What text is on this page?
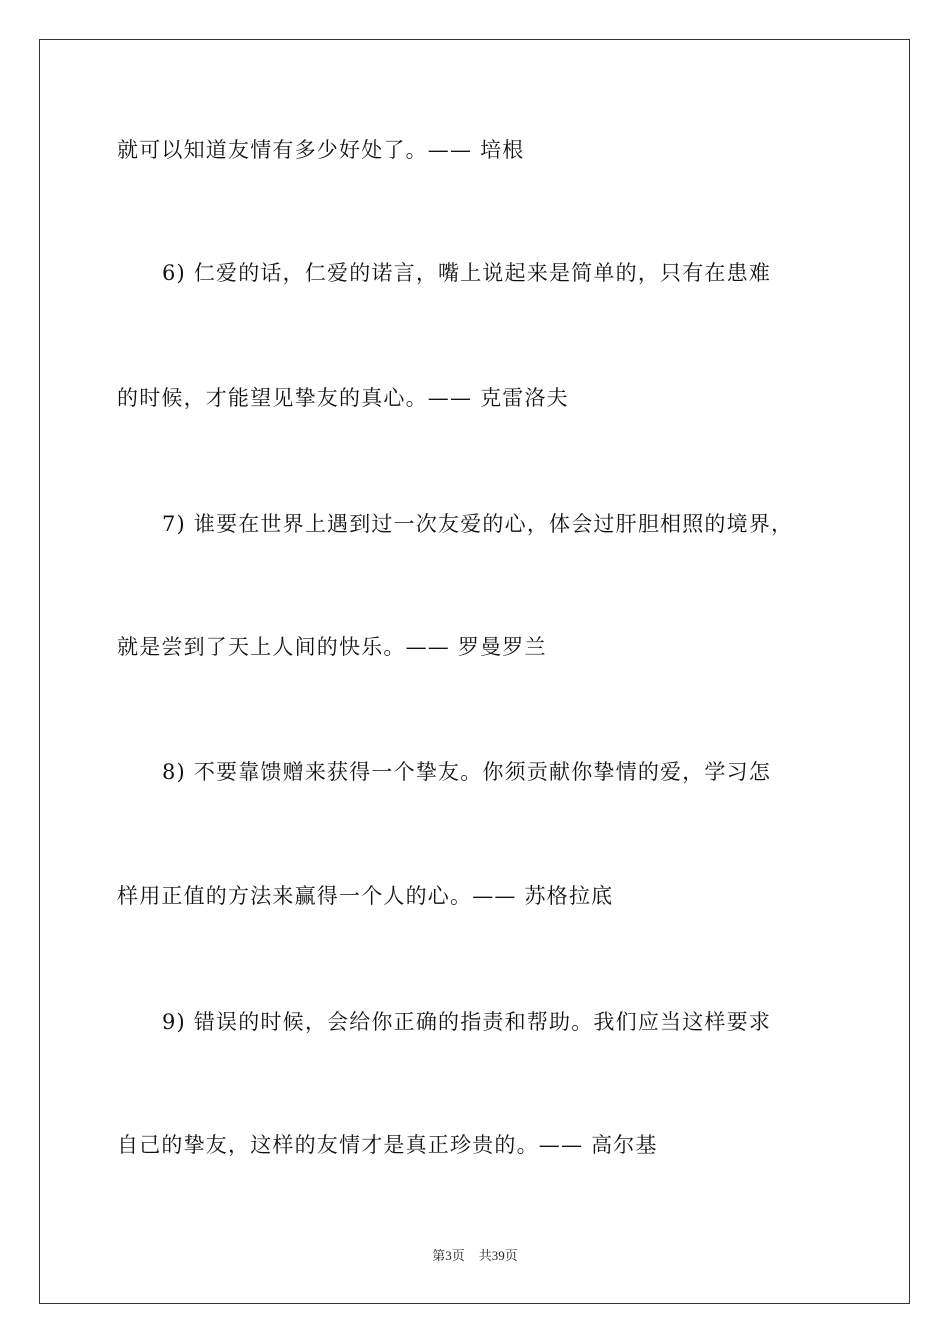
就可以知道友情有多少好处了。—— 培根
6) 仁爱的话，仁爱的诺言，嘴上说起来是简单的，只有在患难
的时候，才能望见挚友的真心。—— 克雷洛夫
7) 谁要在世界上遇到过一次友爱的心，体会过肝胆相照的境界，
就是尝到了天上人间的快乐。—— 罗曼罗兰
8) 不要靠馈赠来获得一个挚友。你须贡献你挚情的爱，学习怎
样用正值的方法来赢得一个人的心。—— 苏格拉底
9) 错误的时候，会给你正确的指责和帮助。我们应当这样要求
自己的挚友，这样的友情才是真正珍贵的。—— 高尔基
第3页 共39页
